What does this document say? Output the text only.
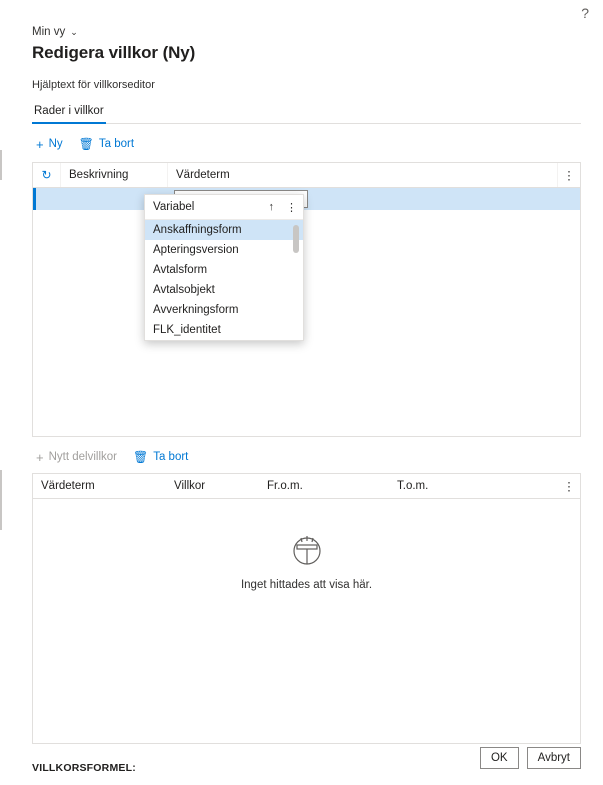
?
Min vy ⌄
Redigera villkor (Ny)
Hjälptext för villkorseditor
Rader i villkor
+ Ny 🗑 Ta bort
↻	Beskrivning	Värdeterm	⋮
+ Nytt delvillkor 🗑 Ta bort
Värdeterm	Villkor	Fr.o.m.	T.o.m.	⋮
Inget hittades att visa här.
VILLKORSFORMEL:
Variabel	↑ ⋮
Anskaffningsform
Apteringsversion
Avtalsform
Avtalsobjekt
Avverkningsform
FLK_identitet
OK	Avbryt
